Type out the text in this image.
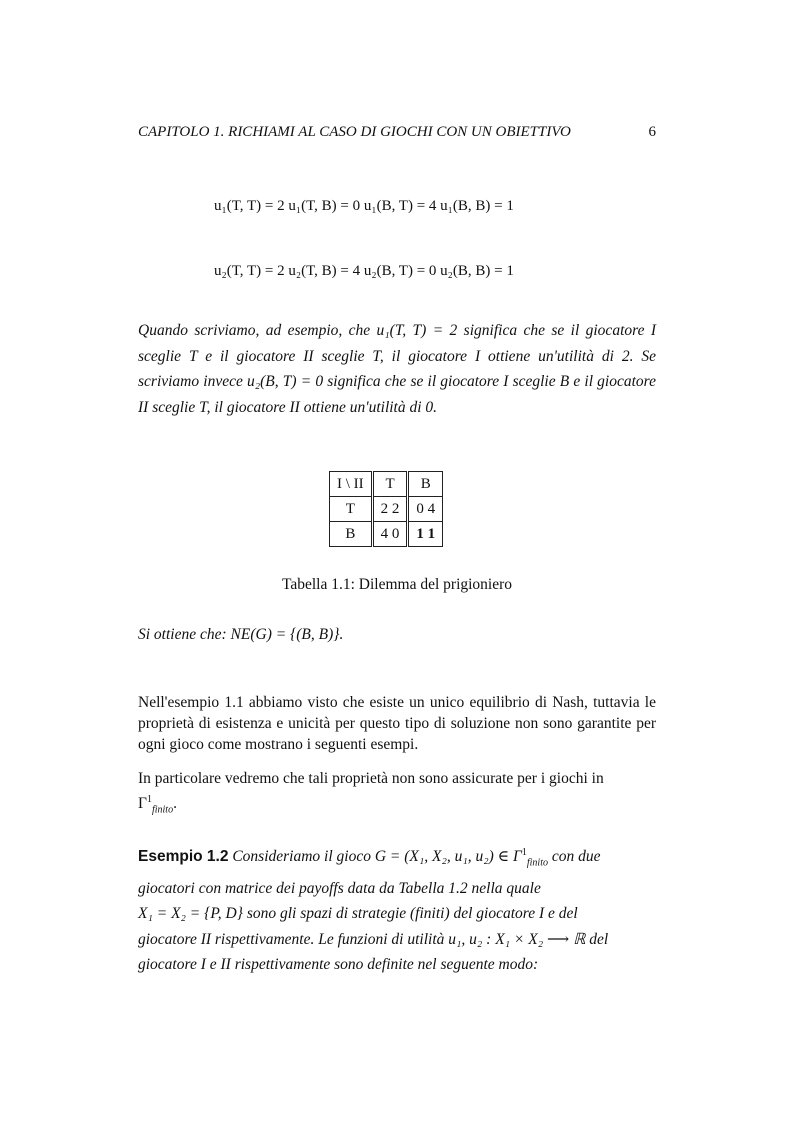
CAPITOLO 1. RICHIAMI AL CASO DI GIOCHI CON UN OBIETTIVO	6
u₁(T, T) = 2 u₁(T, B) = 0 u₁(B, T) = 4 u₁(B, B) = 1
u₂(T, T) = 2 u₂(T, B) = 4 u₂(B, T) = 0 u₂(B, B) = 1
Quando scriviamo, ad esempio, che u₁(T, T) = 2 significa che se il giocatore I sceglie T e il giocatore II sceglie T, il giocatore I ottiene un'utilità di 2. Se scriviamo invece u₂(B, T) = 0 significa che se il giocatore I sceglie B e il giocatore II sceglie T, il giocatore II ottiene un'utilità di 0.
I \ II	T	B
T	2 2	0 4
B	4 0	1 1
Tabella 1.1: Dilemma del prigioniero
Si ottiene che: NE(G) = {(B, B)}.
Nell'esempio 1.1 abbiamo visto che esiste un unico equilibrio di Nash, tuttavia le proprietà di esistenza e unicità per questo tipo di soluzione non sono garantite per ogni gioco come mostrano i seguenti esempi.
In particolare vedremo che tali proprietà non sono assicurate per i giochi in
$\Gamma^1_{finito}$.
Esempio 1.2 Consideriamo il gioco G = (X₁, X₂, u₁, u₂) ∈ $\Gamma^1_{finito}$ con due
giocatori con matrice dei payoffs data da Tabella 1.2 nella quale
X₁ = X₂ = {P, D} sono gli spazi di strategie (finiti) del giocatore I e del
giocatore II rispettivamente. Le funzioni di utilità u₁, u₂ : X₁ × X₂ ⟶ ℝ del
giocatore I e II rispettivamente sono definite nel seguente modo:
